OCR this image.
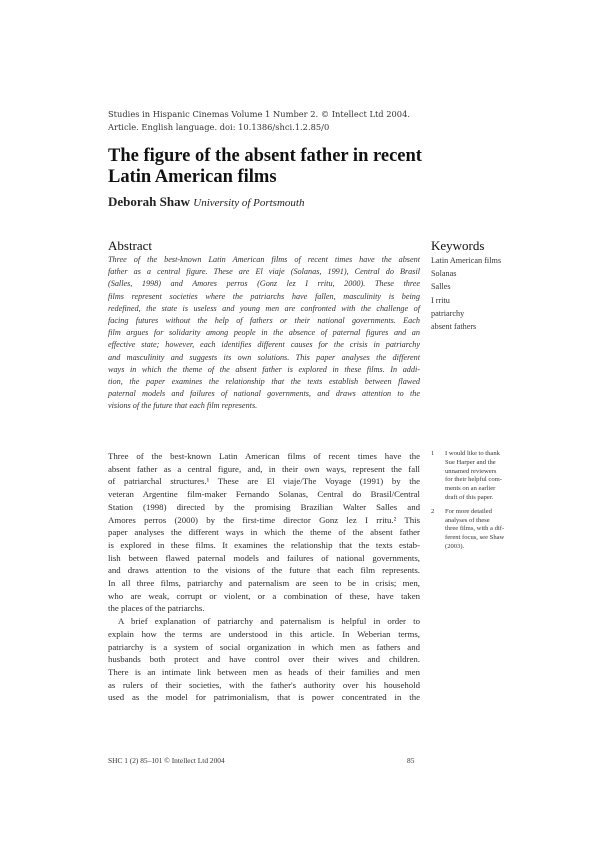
Studies in Hispanic Cinemas Volume 1 Number 2. © Intellect Ltd 2004.
Article. English language. doi: 10.1386/shci.1.2.85/0
The figure of the absent father in recent
Latin American films
Deborah Shaw University of Portsmouth
Abstract
Three of the best-known Latin American films of recent times have the absent
father as a central figure. These are El viaje (Solanas, 1991), Central do Brasil
(Salles, 1998) and Amores perros (Gonz lez I rritu, 2000). These three
films represent societies where the patriarchs have fallen, masculinity is being
redefined, the state is useless and young men are confronted with the challenge of
facing futures without the help of fathers or their national governments. Each
film argues for solidarity among people in the absence of paternal figures and an
effective state; however, each identifies different causes for the crisis in patriarchy
and masculinity and suggests its own solutions. This paper analyses the different
ways in which the theme of the absent father is explored in these films. In addi-
tion, the paper examines the relationship that the texts establish between flawed
paternal models and failures of national governments, and draws attention to the
visions of the future that each film represents.
Keywords
Latin American films
Solanas
Salles
I rritu
patriarchy
absent fathers
Three of the best-known Latin American films of recent times have the
absent father as a central figure, and, in their own ways, represent the fall
of patriarchal structures.¹ These are El viaje/The Voyage (1991) by the
veteran Argentine film-maker Fernando Solanas, Central do Brasil/Central
Station (1998) directed by the promising Brazilian Walter Salles and
Amores perros (2000) by the first-time director Gonz lez I rritu.² This
paper analyses the different ways in which the theme of the absent father
is explored in these films. It examines the relationship that the texts estab-
lish between flawed paternal models and failures of national governments,
and draws attention to the visions of the future that each film represents.
In all three films, patriarchy and paternalism are seen to be in crisis; men,
who are weak, corrupt or violent, or a combination of these, have taken
the places of the patriarchs.
A brief explanation of patriarchy and paternalism is helpful in order to
explain how the terms are understood in this article. In Weberian terms,
patriarchy is a system of social organization in which men as fathers and
husbands both protect and have control over their wives and children.
There is an intimate link between men as heads of their families and men
as rulers of their societies, with the father's authority over his household
used as the model for patrimonialism, that is power concentrated in the
1 I would like to thank
Sue Harper and the
unnamed reviewers
for their helpful com-
ments on an earlier
draft of this paper.
2 For more detailed
analyses of these
three films, with a dif-
ferent focus, see Shaw
(2003).
SHC 1 (2) 85–101 © Intellect Ltd 2004	85
